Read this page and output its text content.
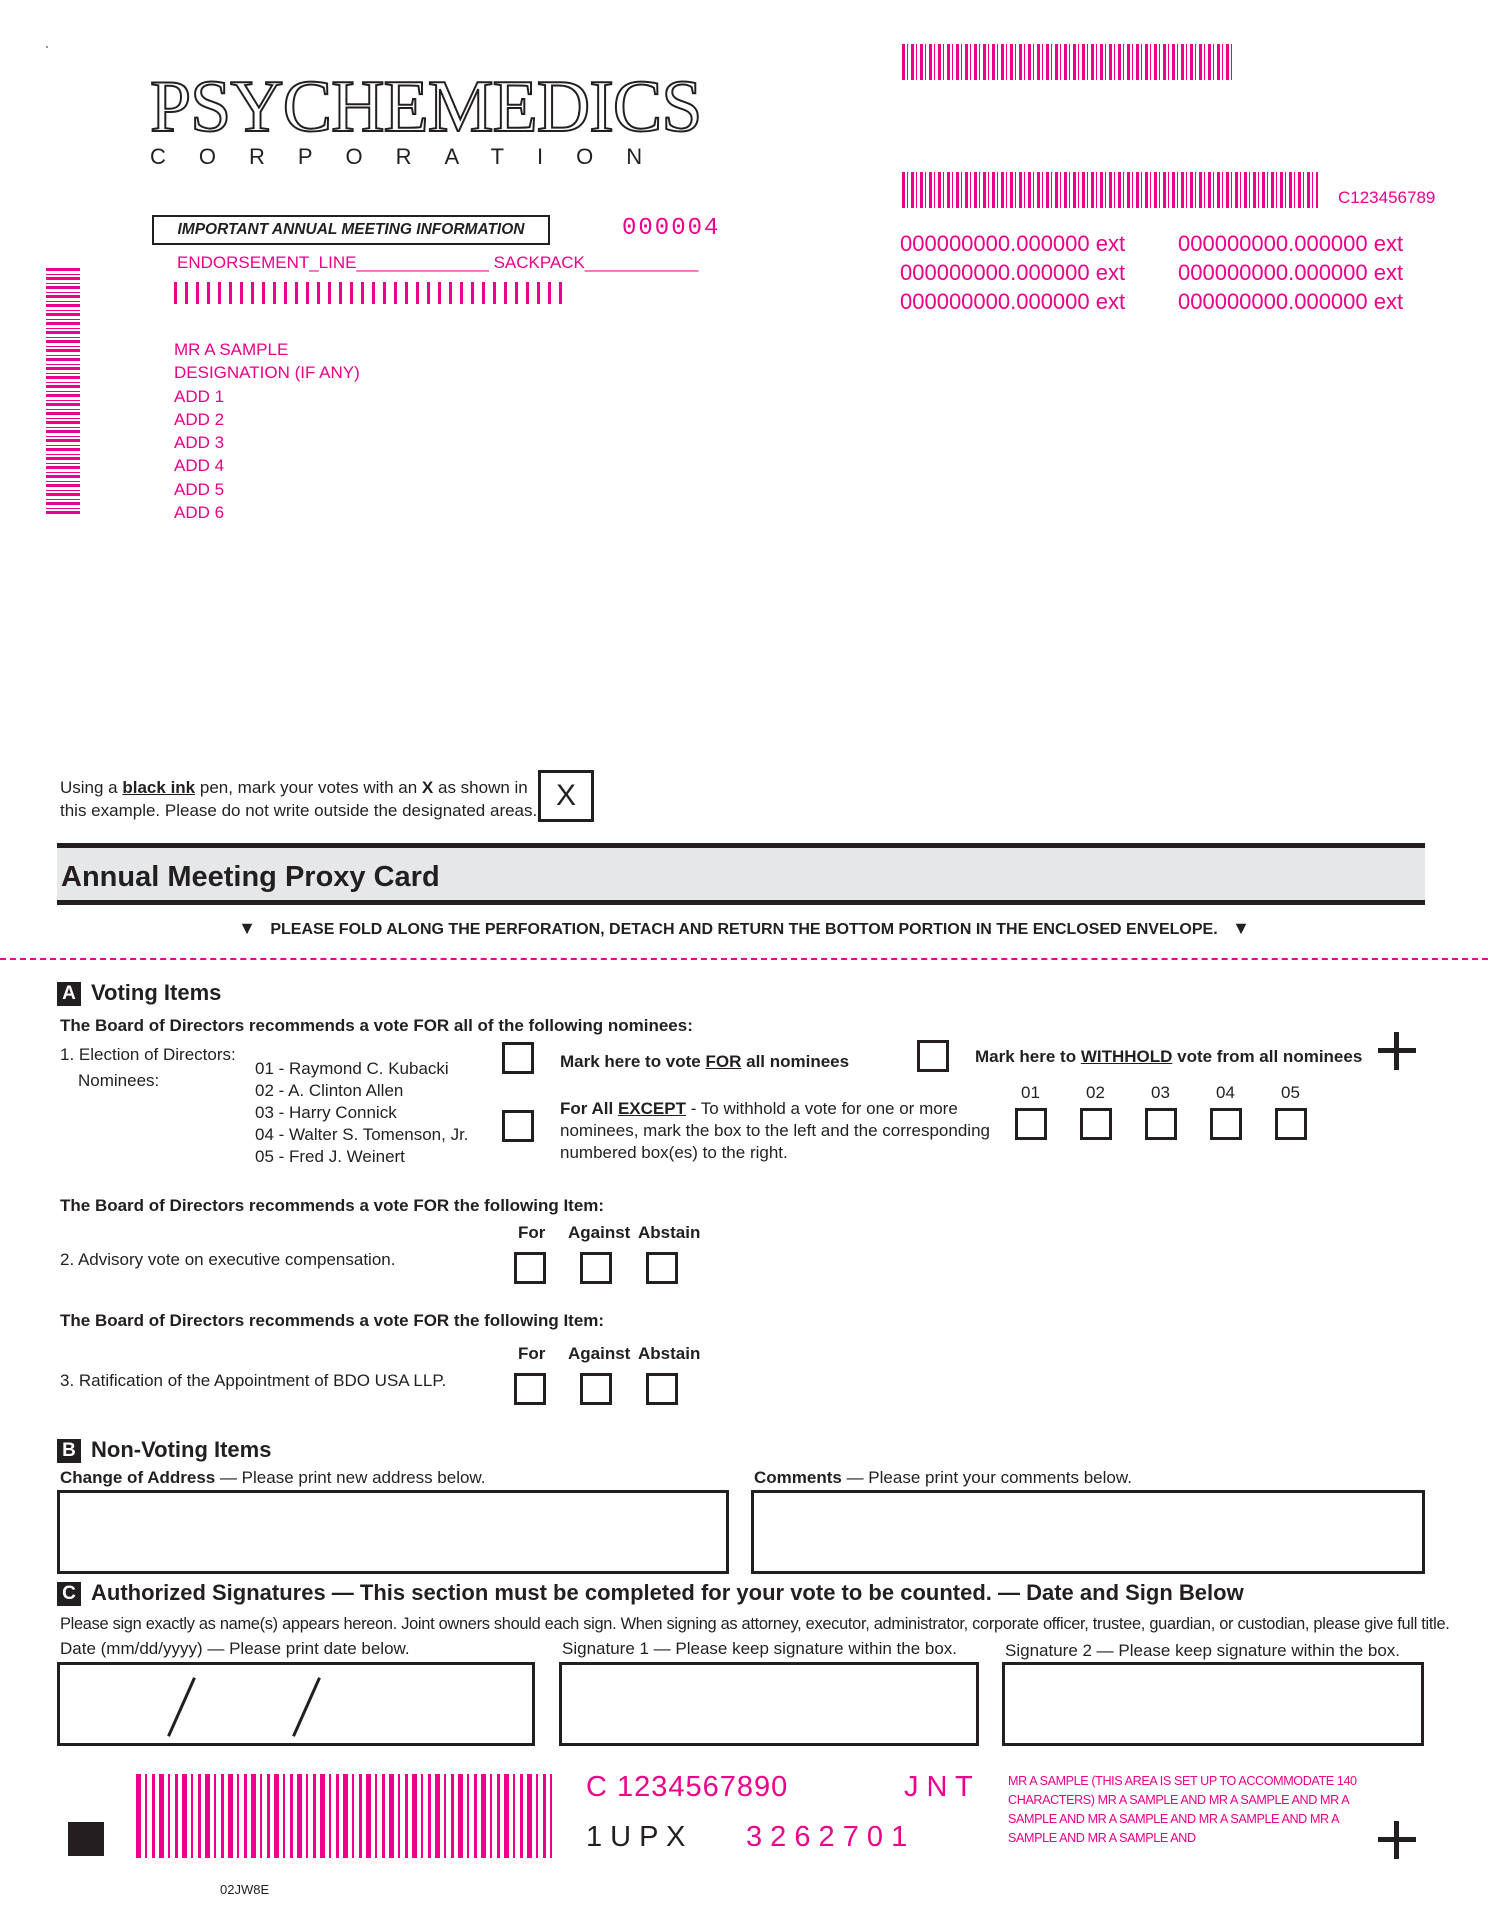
PSYCHEMEDICS
CORPORATION
C123456789
000000000.000000 ext
000000000.000000 ext
000000000.000000 ext
000000000.000000 ext
000000000.000000 ext
000000000.000000 ext
IMPORTANT ANNUAL MEETING INFORMATION	000004
ENDORSEMENT_LINE______________ SACKPACK____________
MR A SAMPLE
DESIGNATION (IF ANY)
ADD 1
ADD 2
ADD 3
ADD 4
ADD 5
ADD 6
Using a black ink pen, mark your votes with an X as shown in
this example. Please do not write outside the designated areas. X
Annual Meeting Proxy Card
▼ PLEASE FOLD ALONG THE PERFORATION, DETACH AND RETURN THE BOTTOM PORTION IN THE ENCLOSED ENVELOPE. ▼
A Voting Items
The Board of Directors recommends a vote FOR all of the following nominees:
1. Election of Directors:
Nominees:
01 - Raymond C. Kubacki
02 - A. Clinton Allen
03 - Harry Connick
04 - Walter S. Tomenson, Jr.
05 - Fred J. Weinert
Mark here to vote FOR all nominees	Mark here to WITHHOLD vote from all nominees
For All EXCEPT - To withhold a vote for one or more
nominees, mark the box to the left and the corresponding
numbered box(es) to the right.
01	02	03	04	05
The Board of Directors recommends a vote FOR the following Item:
For Against Abstain
2. Advisory vote on executive compensation.
The Board of Directors recommends a vote FOR the following Item:
For Against Abstain
3. Ratification of the Appointment of BDO USA LLP.
B Non-Voting Items
Change of Address — Please print new address below.	Comments — Please print your comments below.
C Authorized Signatures — This section must be completed for your vote to be counted. — Date and Sign Below
Please sign exactly as name(s) appears hereon. Joint owners should each sign. When signing as attorney, executor, administrator, corporate officer, trustee, guardian, or custodian, please give full title.
Date (mm/dd/yyyy) — Please print date below.	Signature 1 — Please keep signature within the box.	Signature 2 — Please keep signature within the box.
C 1234567890	J N T
1 U P X 3 2 6 2 7 0 1
MR A SAMPLE (THIS AREA IS SET UP TO ACCOMMODATE 140 CHARACTERS) MR A SAMPLE AND MR A SAMPLE AND MR A SAMPLE AND MR A SAMPLE AND MR A SAMPLE AND MR A SAMPLE AND MR A SAMPLE AND
02JW8E
